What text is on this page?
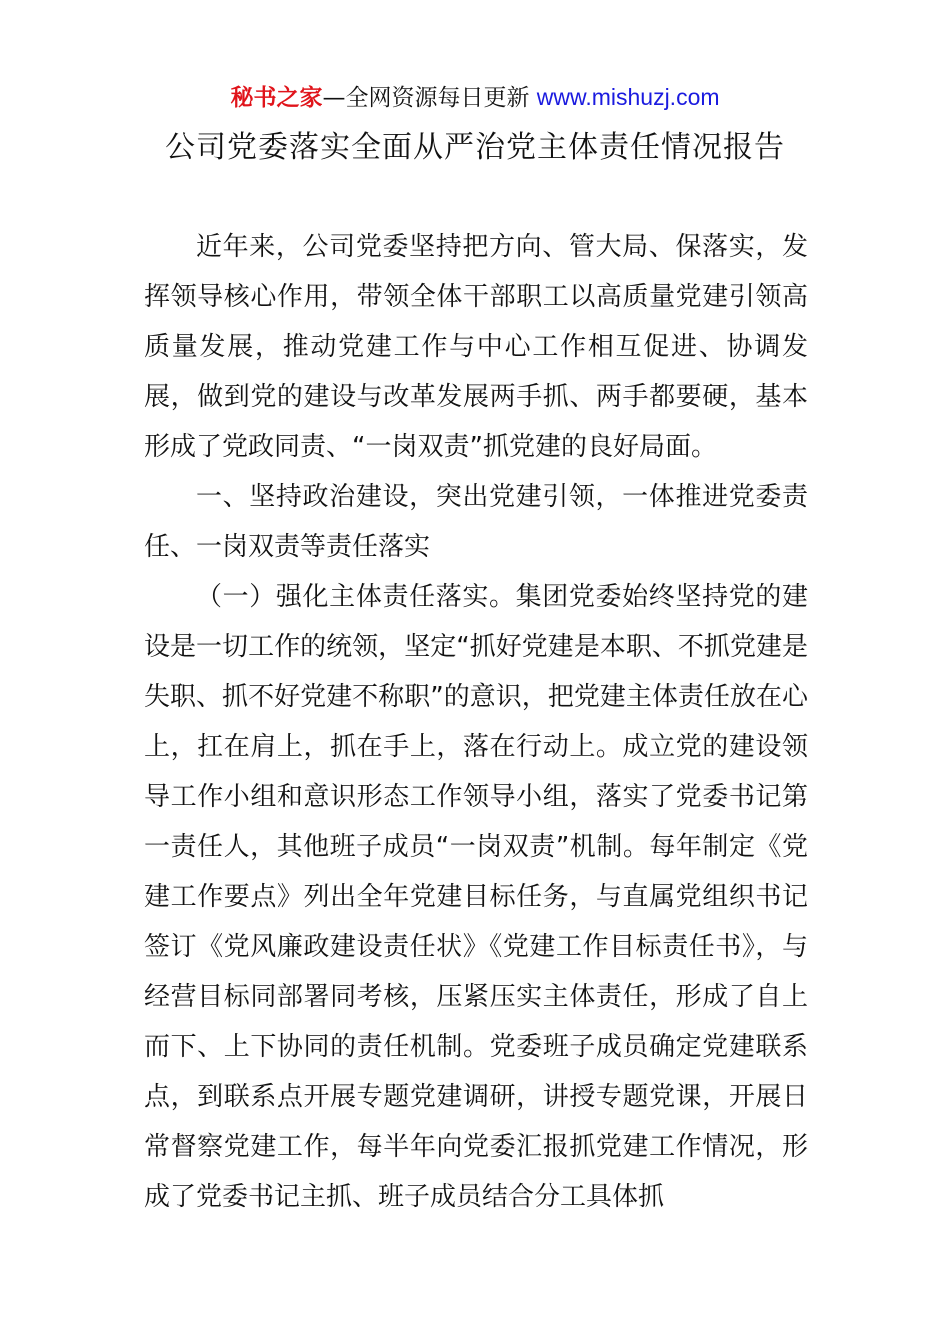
秘书之家—全网资源每日更新 www.mishuzj.com
公司党委落实全面从严治党主体责任情况报告

近年来，公司党委坚持把方向、管大局、保落实，发挥领导核心作用，带领全体干部职工以高质量党建引领高质量发展，推动党建工作与中心工作相互促进、协调发展，做到党的建设与改革发展两手抓、两手都要硬，基本形成了党政同责、“一岗双责”抓党建的良好局面。

一、坚持政治建设，突出党建引领，一体推进党委责任、一岗双责等责任落实

（一）强化主体责任落实。集团党委始终坚持党的建设是一切工作的统领，坚定“抓好党建是本职、不抓党建是失职、抓不好党建不称职”的意识，把党建主体责任放在心上，扛在肩上，抓在手上，落在行动上。成立党的建设领导工作小组和意识形态工作领导小组，落实了党委书记第一责任人，其他班子成员“一岗双责”机制。每年制定《党建工作要点》列出全年党建目标任务，与直属党组织书记签订《党风廉政建设责任状》《党建工作目标责任书》，与经营目标同部署同考核，压紧压实主体责任，形成了自上而下、上下协同的责任机制。党委班子成员确定党建联系点，到联系点开展专题党建调研，讲授专题党课，开展日常督察党建工作，每半年向党委汇报抓党建工作情况，形成了党委书记主抓、班子成员结合分工具体抓
